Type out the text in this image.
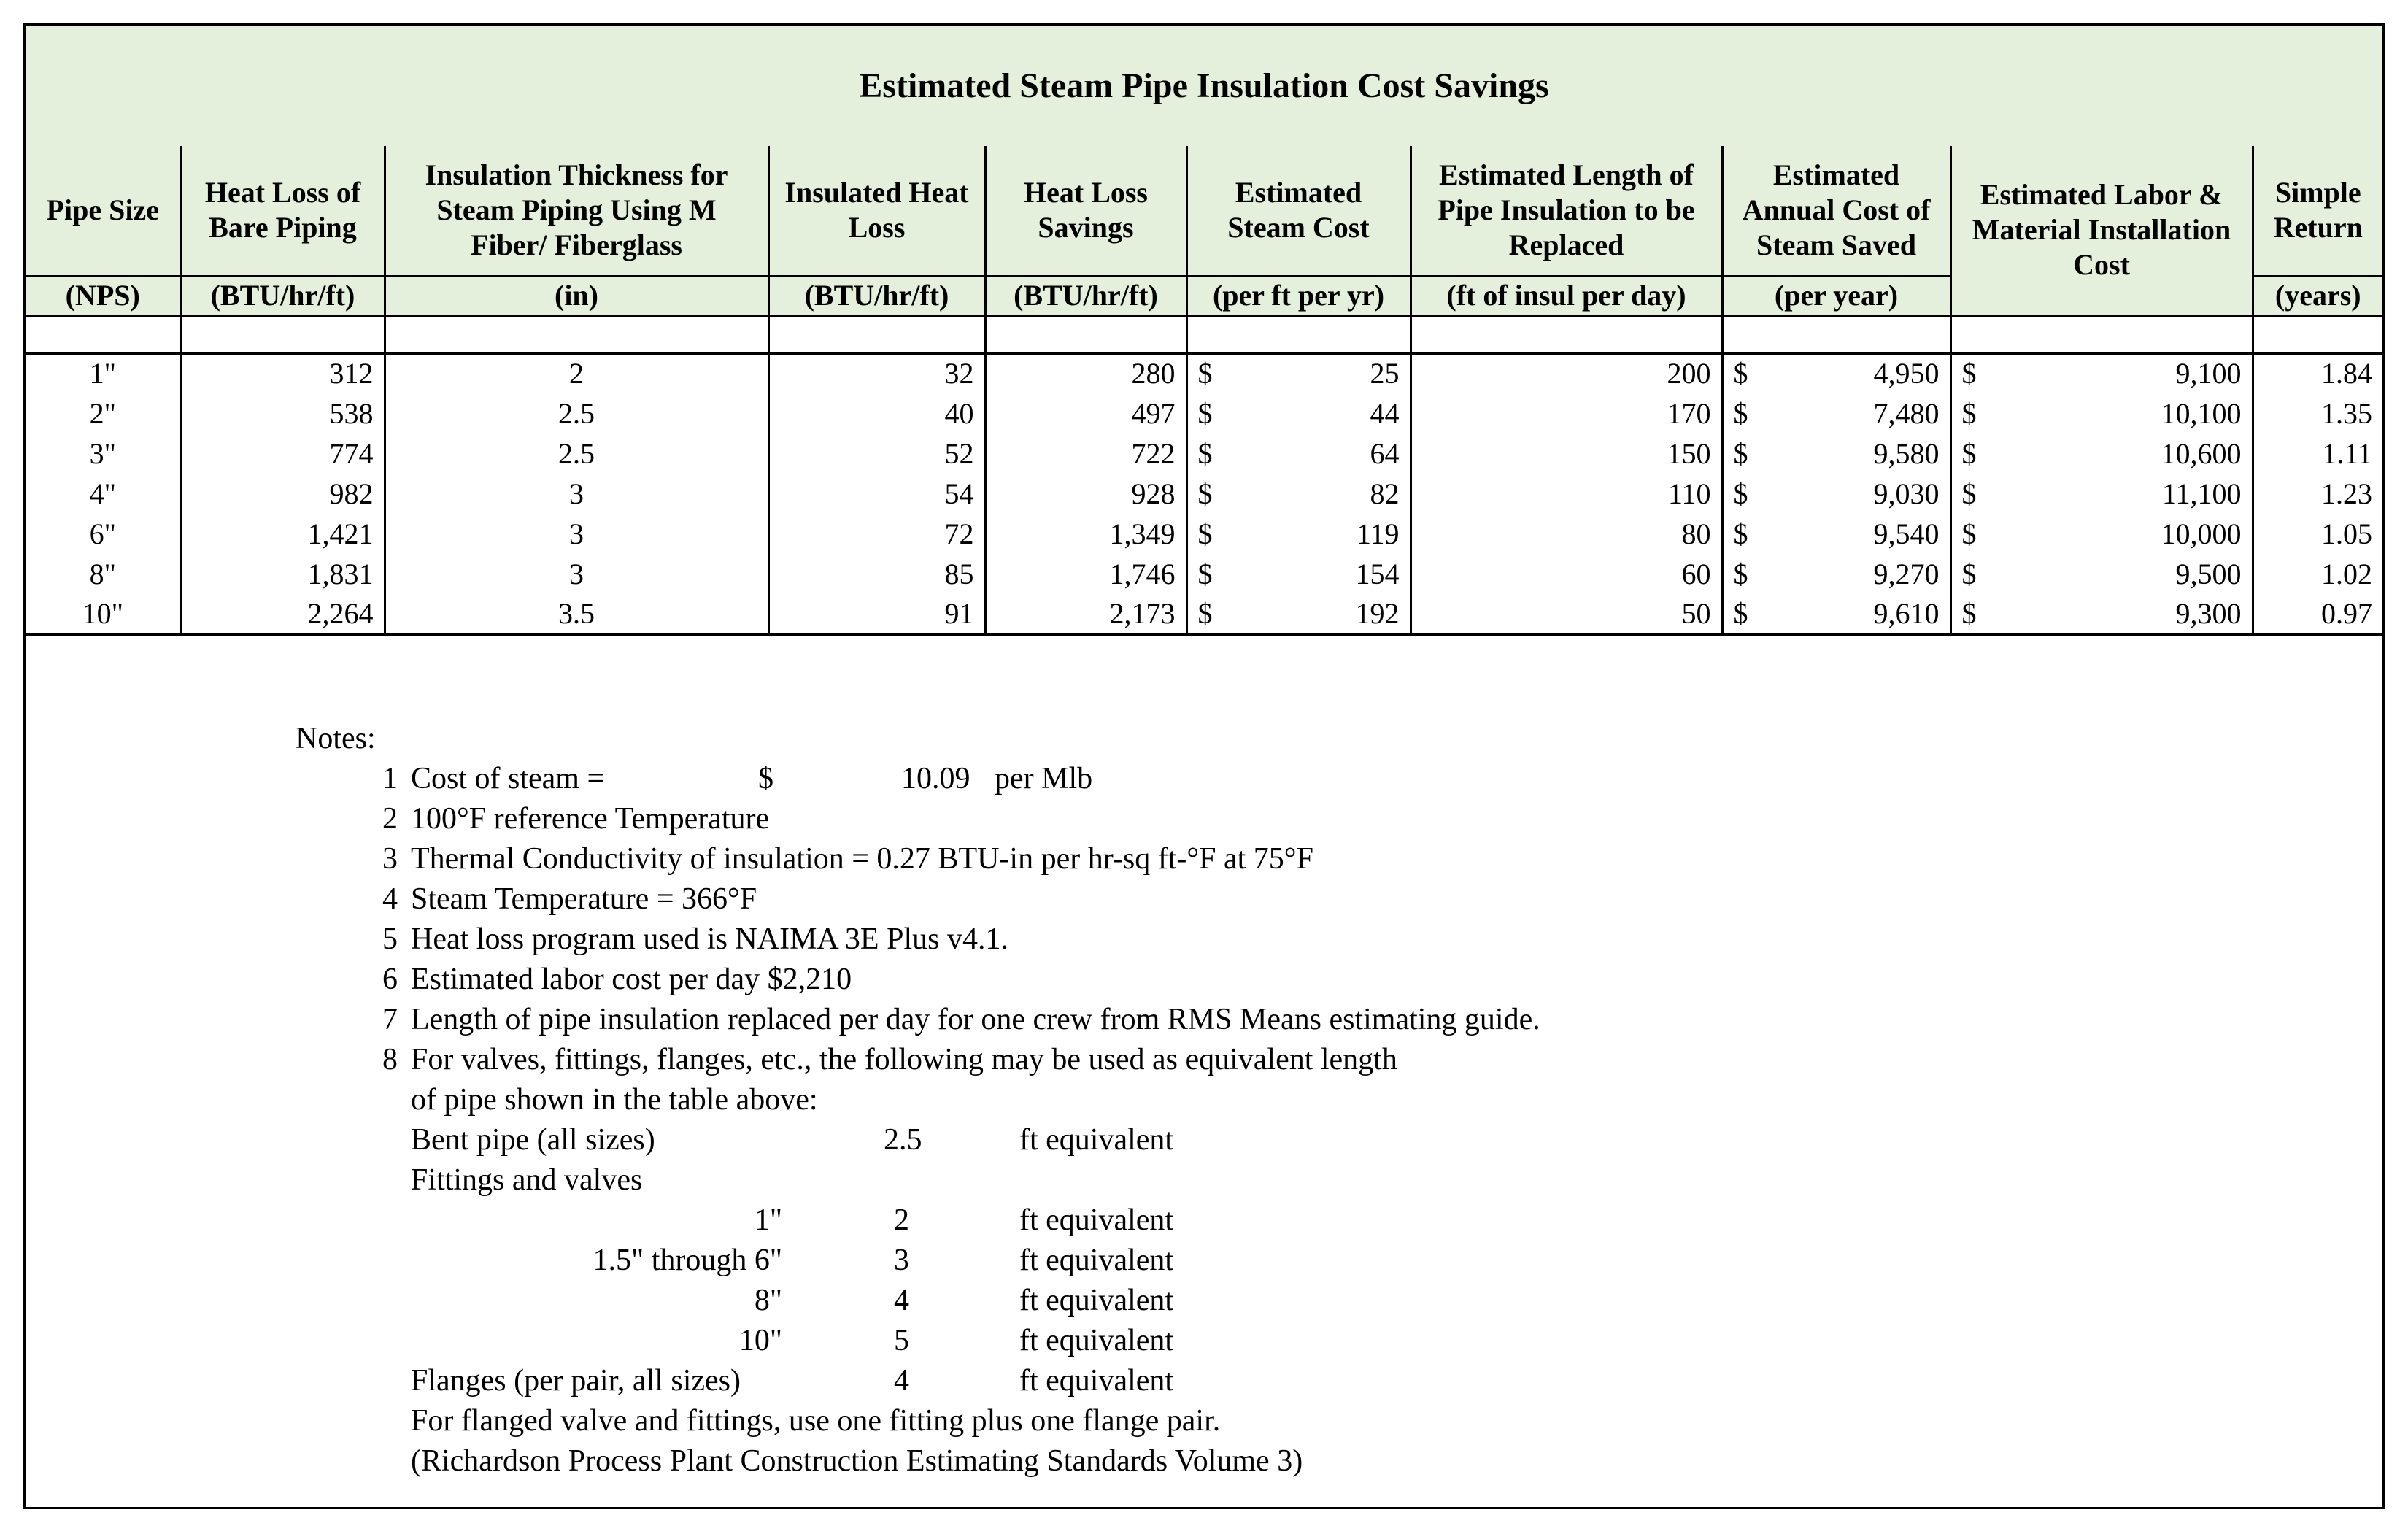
Estimated Steam Pipe Insulation Cost Savings
Pipe Size	Heat Loss of Bare Piping	Insulation Thickness for Steam Piping Using M Fiber/ Fiberglass	Insulated Heat Loss	Heat Loss Savings	Estimated Steam Cost	Estimated Length of Pipe Insulation to be Replaced	Estimated Annual Cost of Steam Saved	Estimated Labor & Material Installation Cost	Simple Return
(NPS)	(BTU/hr/ft)	(in)	(BTU/hr/ft)	(BTU/hr/ft)	(per ft per yr)	(ft of insul per day)	(per year)		(years)

1"	312	2	32	280	$ 25	200	$ 4,950	$ 9,100	1.84
2"	538	2.5	40	497	$ 44	170	$ 7,480	$ 10,100	1.35
3"	774	2.5	52	722	$ 64	150	$ 9,580	$ 10,600	1.11
4"	982	3	54	928	$ 82	110	$ 9,030	$ 11,100	1.23
6"	1,421	3	72	1,349	$ 119	80	$ 9,540	$ 10,000	1.05
8"	1,831	3	85	1,746	$ 154	60	$ 9,270	$ 9,500	1.02
10"	2,264	3.5	91	2,173	$ 192	50	$ 9,610	$ 9,300	0.97
Notes:
1 Cost of steam =	$	10.09 per Mlb
2 100°F reference Temperature
3 Thermal Conductivity of insulation = 0.27 BTU-in per hr-sq ft-°F at 75°F
4 Steam Temperature = 366°F
5 Heat loss program used is NAIMA 3E Plus v4.1.
6 Estimated labor cost per day $2,210
7 Length of pipe insulation replaced per day for one crew from RMS Means estimating guide.
8 For valves, fittings, flanges, etc., the following may be used as equivalent length
of pipe shown in the table above:
Bent pipe (all sizes)	2.5	ft equivalent
Fittings and valves
1"	2	ft equivalent
1.5" through 6"	3	ft equivalent
8"	4	ft equivalent
10"	5	ft equivalent
Flanges (per pair, all sizes)	4	ft equivalent
For flanged valve and fittings, use one fitting plus one flange pair.
(Richardson Process Plant Construction Estimating Standards Volume 3)
